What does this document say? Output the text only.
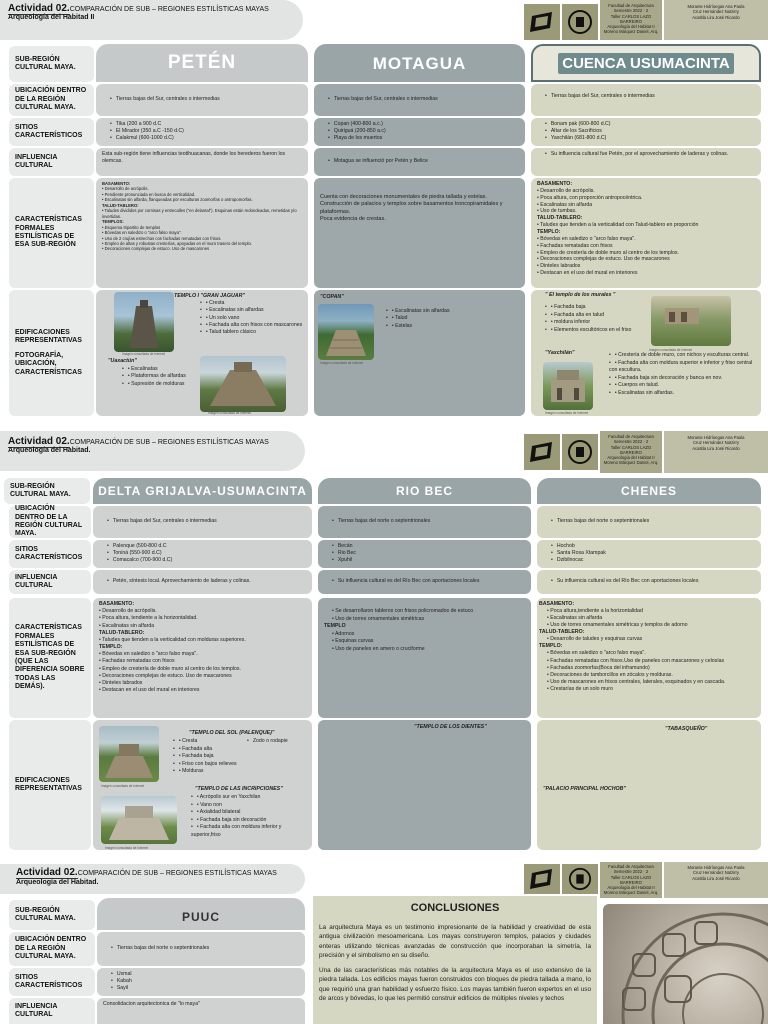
Actividad 02.COMPARACIÓN DE SUB – REGIONES ESTILÍSTICAS MAYAS
Arqueología del Habitad II
Facultad de Arquitectura
Semestre 2022 · 2
Taller CARLOS LAZO BARREIRO
Arqueología del Habitat II
Moreno Márquez Daniel, Arq.
Morante Hidríoegas Ana Paola
Cruz Hernández Natzirry
Acatitla Lira José Ricardo
SUB-REGIÓN CULTURAL MAYA.
UBICACIÓN DENTRO DE LA REGIÓN CULTURAL MAYA.
SITIOS CARACTERÍSTICOS
INFLUENCIA CULTURAL
CARACTERÍSTICAS FORMALES ESTILÍSTICAS DE ESA SUB-REGIÓN
EDIFICACIONES REPRESENTATIVAS
FOTOGRAFÍA, UBICACIÓN, CARACTERÍSTICAS
PETÉN
• Tierras bajas del Sur, centrales o intermedias
• Tika (200 a 900 d.C
• El Mirador (350 a.C -150 d.C)
• Calakmul (600-1000 d.C)
Esta sub-región tiene influencias teotihuacanas, donde los herederos fueron los olemcas.
BASAMENTO:
• Desarrollo de acrópolis.
• Pendiente pronunciada en busca de verticalidad.
• Escalinatas sin alfarda, flanqueadas por esculturas zoomorfas o antropomorfas.
TALUD-TABLERO:
• Taludes divididos por cornisas y entrecalles ("en delantal"). Esquinas están redondeadas, remetidas y/o invertidas.
TEMPLOS:
• Esquema tripartito de templos
• Bóvedas en saledizo o "arco falso maya".
• Uso de 2 crujías estrechas con fachadas rematadas con frisos.
• Empleo de altas y robustas cresterías, apoyadas en el muro trasero del templo.
• Decoraciones complejas de estuco. Uso de mascarones
Imagen consultada de Internet
TEMPLO I "GRAN JAGUAR"
• • Cresta
• • Escalinatas sin alfardas
• • Un solo vano
• • Fachada alta con frisos con mascarones
• • Talud tablero clásico
"Uaxactún"
• • Escalinatas
• • Plataformas de alfardas
• • Supresión de molduras
Imagen consultada de Internet
MOTAGUA
• Tierras bajas del Sur, centrales o intermedias
• Copan (400-800 a.c.)
• Quiriguá (200-850 a.c)
• Playa de los muertos
• Motagua se influenció por Petén y Belice
Cuenta con decoraciones monumentales de piedra tallada y estelas.
Construcción de palacios y templos sobre basamentos troncopiramidales y plataformas.
Poca evidencia de crestas.
"COPAN"
Imagen consultada de Internet
• • Escalinatas sin alfardas
• • Talud
• • Estelas
CUENCA USUMACINTA
• Tierras bajas del Sur, centrales o intermedias
• Bonam pak (600-800 d.C)
• Altar de los Sacrificios
• Yaxchilán (681-800 d.C)
• Su influencia cultural fue Petén, por el aprovechamiento de laderas y colinas.
BASAMENTO:
• Desarrollo de acrópolis.
• Poca altura, con proporción antropocéntrica.
• Escalinatas sin alfarda
• Uso de tumbas.
TALUD-TABLERO:
• Taludes que tienden a la verticalidad con Talud-tablero en proporción
TEMPLO:
• Bóvedas en saledizo o "arco falso maya".
• Fachadas rematadas con frisos
• Empleo de crestería de doble muro al centro de los templos.
• Decoraciones complejas de estuco. Uso de mascarones
• Dinteles labrados
• Destacan en el uso del mural en interiores
" El templo de los murales "
• • Fachada baja
• • Fachada alta en talud
• • moldura inferior
• • Elementos escultóricos en el friso
Imagen consultada de Internet
"Yaxchilán"
Imagen consultada de Internet
• • Crestería de doble muro, con nichos y esculturas central.
• • Fachada alta con moldura superior e inferior y friso central con escultura.
• • Fachada baja sin decoración y banca en nov.
• • Cuerpos en talud.
• • Escalinatas sin alfardas.
Actividad 02.COMPARACIÓN DE SUB – REGIONES ESTILÍSTICAS MAYAS
Arqueología del Habitad.
Facultad de Arquitectura
Semestre 2022 · 2
Taller CARLOS LAZO BARREIRO
Arqueología del Habitat II
Moreno Márquez Daniel, Arq.
Morante Hidríoegas Ana Paola
Cruz Hernández Natzirry
Acatitla Lira José Ricardo
SUB-REGIÓN CULTURAL MAYA.
UBICACIÓN DENTRO DE LA REGIÓN CULTURAL MAYA.
SITIOS CARACTERÍSTICOS
INFLUENCIA CULTURAL
CARACTERÍSTICAS FORMALES ESTILÍSTICAS DE ESA SUB-REGIÓN (QUE LAS DIFERENCIA SOBRE TODAS LAS DEMÁS).
EDIFICACIONES REPRESENTATIVAS
DELTA GRIJALVA-USUMACINTA
• Tierras bajas del Sur, centrales o intermedias
• Palenque (500-800 d.C
• Toniná (550-900 d.C)
• Comacalco (700-900 d.C)
• Petén, síntesis local. Aprovechamiento de laderas y colinas.
BASAMENTO:
• Desarrollo de acrópolis.
• Poca altura, tendiente a la horizontalidad.
• Escalinatas sin alfarda
TALUD-TABLERO:
• Taludes que tienden a la verticalidad con molduras superiores.
TEMPLO:
• Bóvedas en saledizo o "arco falso maya".
• Fachadas rematadas con frisos
• Empleo de crestería de doble muro al centro de los templos.
• Decoraciones complejas de estuco. Uso de mascarones
• Dinteles labrados
• Destacan en el uso del mural en interiores
Imagen consultada de Internet
"TEMPLO DEL SOL (PALENQUE)"
• • Cresta
• • Fachada alta
• • Fachada baja
• • Friso con bajos relieves
• • Molduras
• Zodo o rodapie
"TEMPLO DE LAS INCRIPCIONES"
Imagen consultada de Internet
• • Acrópolis sur en Yaxchilan
• • Vano non
• • Axialidad bilateral
• • Fachada baja sin decoración
• • Fachada alta con moldura inferior y superior,friso
RIO BEC
• Tierras bajas del norte o septentrionales
• Becán
• Rio Bec
• Xpuhil
• Su influencia cultural es del Río Bec con aportaciones locales
• Se desarrollaron tableros con frisos policromados de estuco
• Uso de torres ornamentales simétricas
TEMPLO
• Adornos
• Esquinas curvas
• Uso de paneles en amero o cruciforme
"TEMPLO DE LOS DIENTES"
CHENES
• Tierras bajas del norte o septentrionales
• Hochob
• Santa Rosa Xtampak
• Dzibilnocac
• Su influencia cultural es del Río Bec con aportaciones locales
BASAMENTO:
• Poca altura,tendiente a la horizontalidad
• Escalinatas sin alfarda
• Uso de torres ornamentales simétricas y templos de adorno
TALUD-TABLERO:
• Desarrollo de taludes y esquinas curvas
TEMPLO:
• Bóvedas en saledizo o "arco falso maya".
• Fachadas rematadas con frisos.Uso de paneles con mascarones y celosías
• Fachadas zoomorfas(Boca del inframundo)
• Decoraciones de tamborcillos en zócalos y molduras.
• Uso de mascarones en frisos centrales, laterales, esquinados y en cascada.
• Crestarías de un solo muro
"TABASQUEÑO"
"PALACIO PRINCIPAL HOCHOB"
Actividad 02.COMPARACIÓN DE SUB – REGIONES ESTILÍSTICAS MAYAS
Arqueología del Habitad.
Facultad de Arquitectura
Semestre 2022 · 2
Taller CARLOS LAZO BARREIRO
Arqueología del Habitat II
Moreno Márquez Daniel, Arq.
Morante Hidríoegas Ana Paola
Cruz Hernández Natzirry
Acatitla Lira José Ricardo
SUB-REGIÓN CULTURAL MAYA.
UBICACIÓN DENTRO DE LA REGIÓN CULTURAL MAYA.
SITIOS CARACTERÍSTICOS
INFLUENCIA CULTURAL
PUUC
• Tierras bajas del norte o septentrionales
• Uxmal
• Kabah
• Sayil
Consolidacion arquitectonica de "lo maya"
CONCLUSIONES

La arquitectura Maya es un testimonio impresionante de la habilidad y creatividad de esta antigua civilización mesoamericana. Los mayas construyeron templos, palacios y ciudades enteras utilizando técnicas avanzadas de construcción que incorporaban la simetría, la precisión y el simbolismo en su diseño.

Una de las características más notables de la arquitectura Maya es el uso extensivo de la piedra tallada. Los edificios mayas fueron construidos con bloques de piedra tallada a mano, lo que requirió una gran habilidad y esfuerzo físico. Los mayas también fueron expertos en el uso de arcos y bóvedas, lo que les permitió construir edificios de múltiples niveles y techos
